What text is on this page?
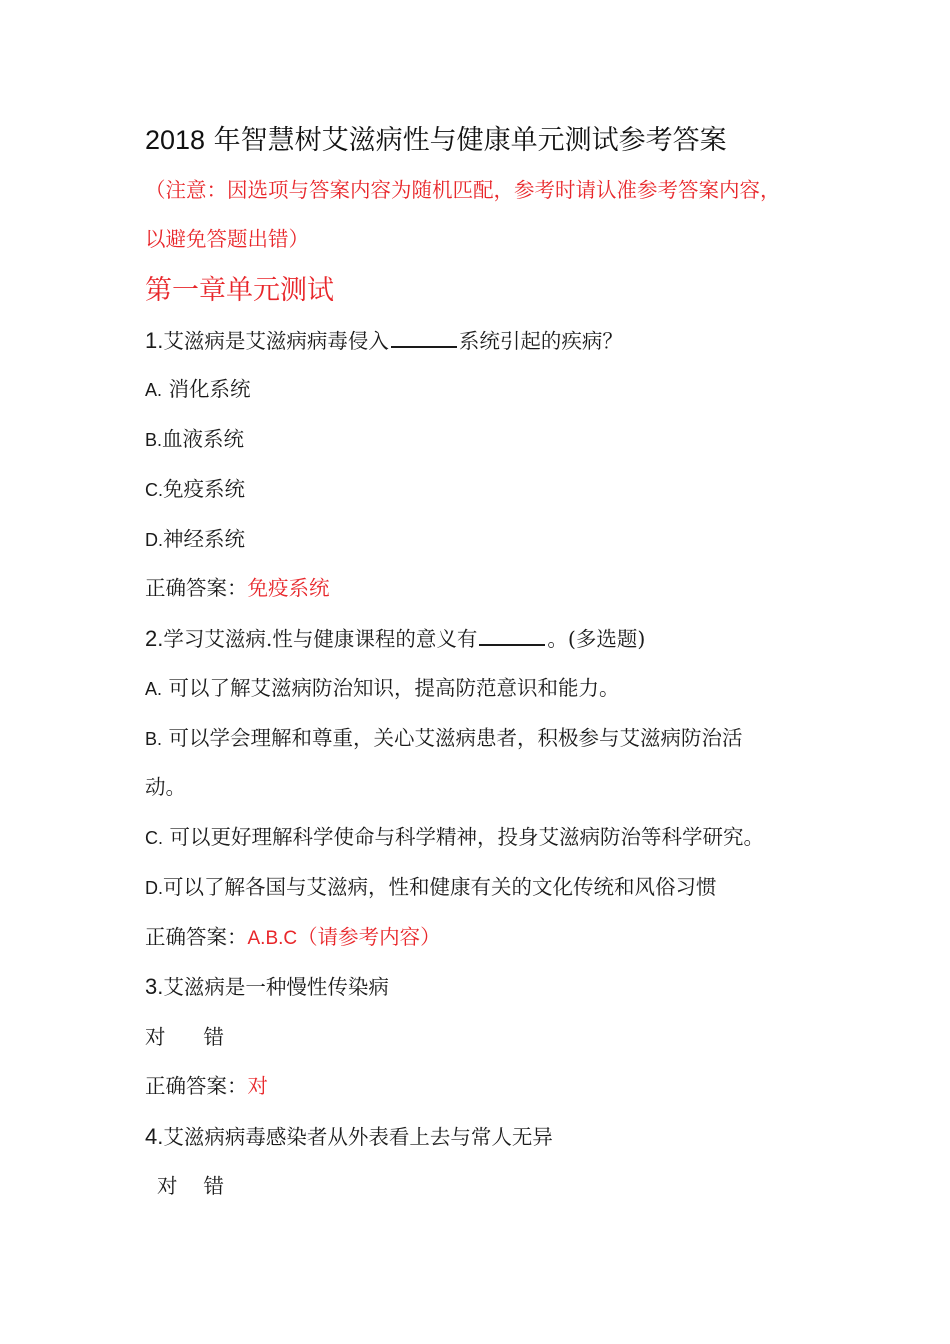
2018 年智慧树艾滋病性与健康单元测试参考答案
（注意：因选项与答案内容为随机匹配，参考时请认准参考答案内容，
以避免答题出错）
第一章单元测试
1.艾滋病是艾滋病病毒侵入	系统引起的疾病？
A. 消化系统
B.血液系统
C.免疫系统
D.神经系统
正确答案：免疫系统
2.学习艾滋病.性与健康课程的意义有	。(多选题)
A. 可以了解艾滋病防治知识，提高防范意识和能力。
B. 可以学会理解和尊重，关心艾滋病患者，积极参与艾滋病防治活
动。
C. 可以更好理解科学使命与科学精神，投身艾滋病防治等科学研究。
D.可以了解各国与艾滋病，性和健康有关的文化传统和风俗习惯
正确答案：A.B.C（请参考内容）
3.艾滋病是一种慢性传染病
对 错
正确答案：对
4.艾滋病病毒感染者从外表看上去与常人无异
对 错
